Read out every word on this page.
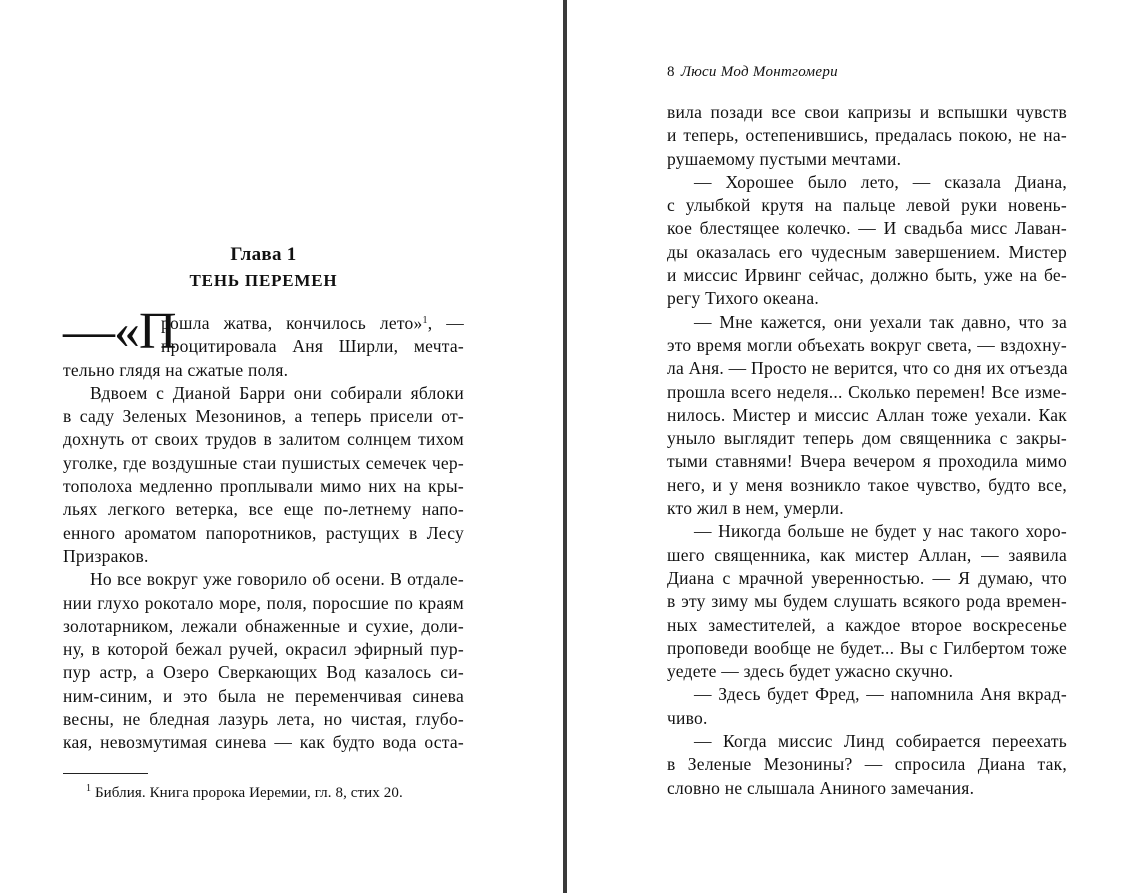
Глава 1
ТЕНЬ ПЕРЕМЕН
—«П
рошла жатва, кончилось лето»$^1$, —
процитировала Аня Ширли, мечта-
тельно глядя на сжатые поля.
Вдвоем с Дианой Барри они собирали яблоки
в саду Зеленых Мезонинов, а теперь присели от-
дохнуть от своих трудов в залитом солнцем тихом
уголке, где воздушные стаи пушистых семечек чер-
тополоха медленно проплывали мимо них на кры-
льях легкого ветерка, все еще по-летнему напо-
енного ароматом папоротников, растущих в Лесу
Призраков.
Но все вокруг уже говорило об осени. В отдале-
нии глухо рокотало море, поля, поросшие по краям
золотарником, лежали обнаженные и сухие, доли-
ну, в которой бежал ручей, окрасил эфирный пур-
пур астр, а Озеро Сверкающих Вод казалось си-
ним-синим, и это была не переменчивая синева
весны, не бледная лазурь лета, но чистая, глубо-
кая, невозмутимая синева — как будто вода оста-
$^1$ Библия. Книга пророка Иеремии, гл. 8, стих 20.
8 Люси Мод Монтгомери
вила позади все свои капризы и вспышки чувств
и теперь, остепенившись, предалась покою, не на-
рушаемому пустыми мечтами.
— Хорошее было лето, — сказала Диана,
с улыбкой крутя на пальце левой руки новень-
кое блестящее колечко. — И свадьба мисс Лаван-
ды оказалась его чудесным завершением. Мистер
и миссис Ирвинг сейчас, должно быть, уже на бе-
регу Тихого океана.
— Мне кажется, они уехали так давно, что за
это время могли объехать вокруг света, — вздохну-
ла Аня. — Просто не верится, что со дня их отъезда
прошла всего неделя... Сколько перемен! Все изме-
нилось. Мистер и миссис Аллан тоже уехали. Как
уныло выглядит теперь дом священника с закры-
тыми ставнями! Вчера вечером я проходила мимо
него, и у меня возникло такое чувство, будто все,
кто жил в нем, умерли.
— Никогда больше не будет у нас такого хоро-
шего священника, как мистер Аллан, — заявила
Диана с мрачной уверенностью. — Я думаю, что
в эту зиму мы будем слушать всякого рода времен-
ных заместителей, а каждое второе воскресенье
проповеди вообще не будет... Вы с Гилбертом тоже
уедете — здесь будет ужасно скучно.
— Здесь будет Фред, — напомнила Аня вкрад-
чиво.
— Когда миссис Линд собирается переехать
в Зеленые Мезонины? — спросила Диана так,
словно не слышала Аниного замечания.
